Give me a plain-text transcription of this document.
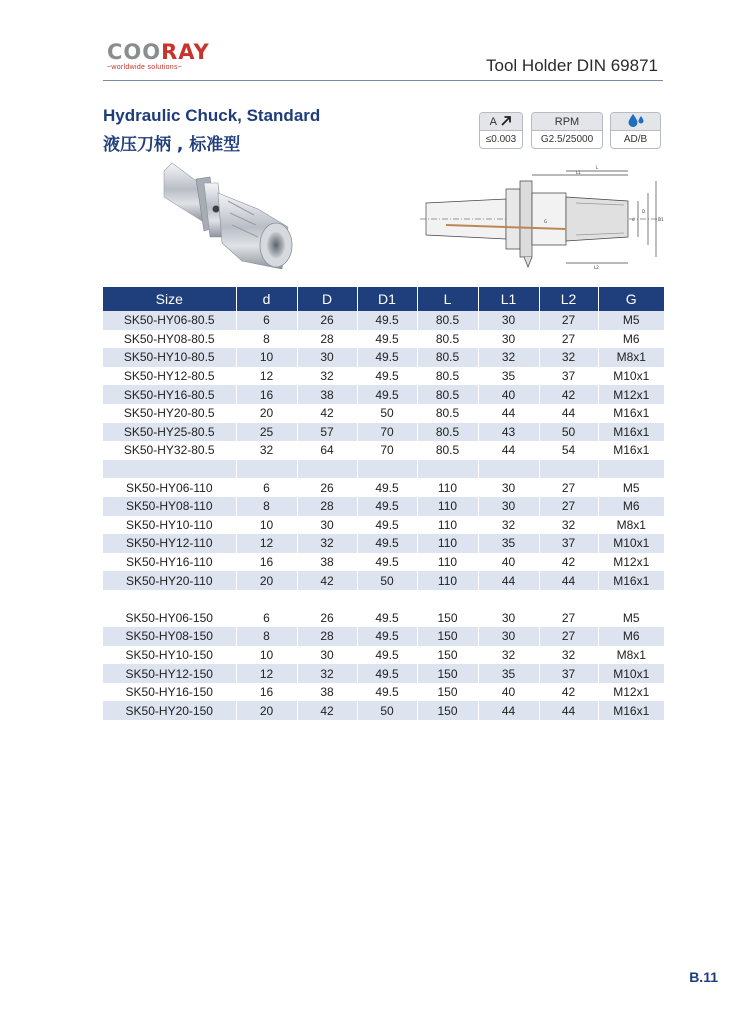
COORAY
~worldwide solutions~	Tool Holder DIN 69871
Hydraulic Chuck, Standard
液压刀柄 , 标准型
A
≤0.003
RPM
G2.5/25000	AD/B
L
L1
L2
d
D
D1
G
Size	d	D	D1	L	L1	L2	G
SK50-HY06-80.5	6	26	49.5	80.5	30	27	M5
SK50-HY08-80.5	8	28	49.5	80.5	30	27	M6
SK50-HY10-80.5	10	30	49.5	80.5	32	32	M8x1
SK50-HY12-80.5	12	32	49.5	80.5	35	37	M10x1
SK50-HY16-80.5	16	38	49.5	80.5	40	42	M12x1
SK50-HY20-80.5	20	42	50	80.5	44	44	M16x1
SK50-HY25-80.5	25	57	70	80.5	43	50	M16x1
SK50-HY32-80.5	32	64	70	80.5	44	54	M16x1

SK50-HY06-110	6	26	49.5	110	30	27	M5
SK50-HY08-110	8	28	49.5	110	30	27	M6
SK50-HY10-110	10	30	49.5	110	32	32	M8x1
SK50-HY12-110	12	32	49.5	110	35	37	M10x1
SK50-HY16-110	16	38	49.5	110	40	42	M12x1
SK50-HY20-110	20	42	50	110	44	44	M16x1

SK50-HY06-150	6	26	49.5	150	30	27	M5
SK50-HY08-150	8	28	49.5	150	30	27	M6
SK50-HY10-150	10	30	49.5	150	32	32	M8x1
SK50-HY12-150	12	32	49.5	150	35	37	M10x1
SK50-HY16-150	16	38	49.5	150	40	42	M12x1
SK50-HY20-150	20	42	50	150	44	44	M16x1
B.11
